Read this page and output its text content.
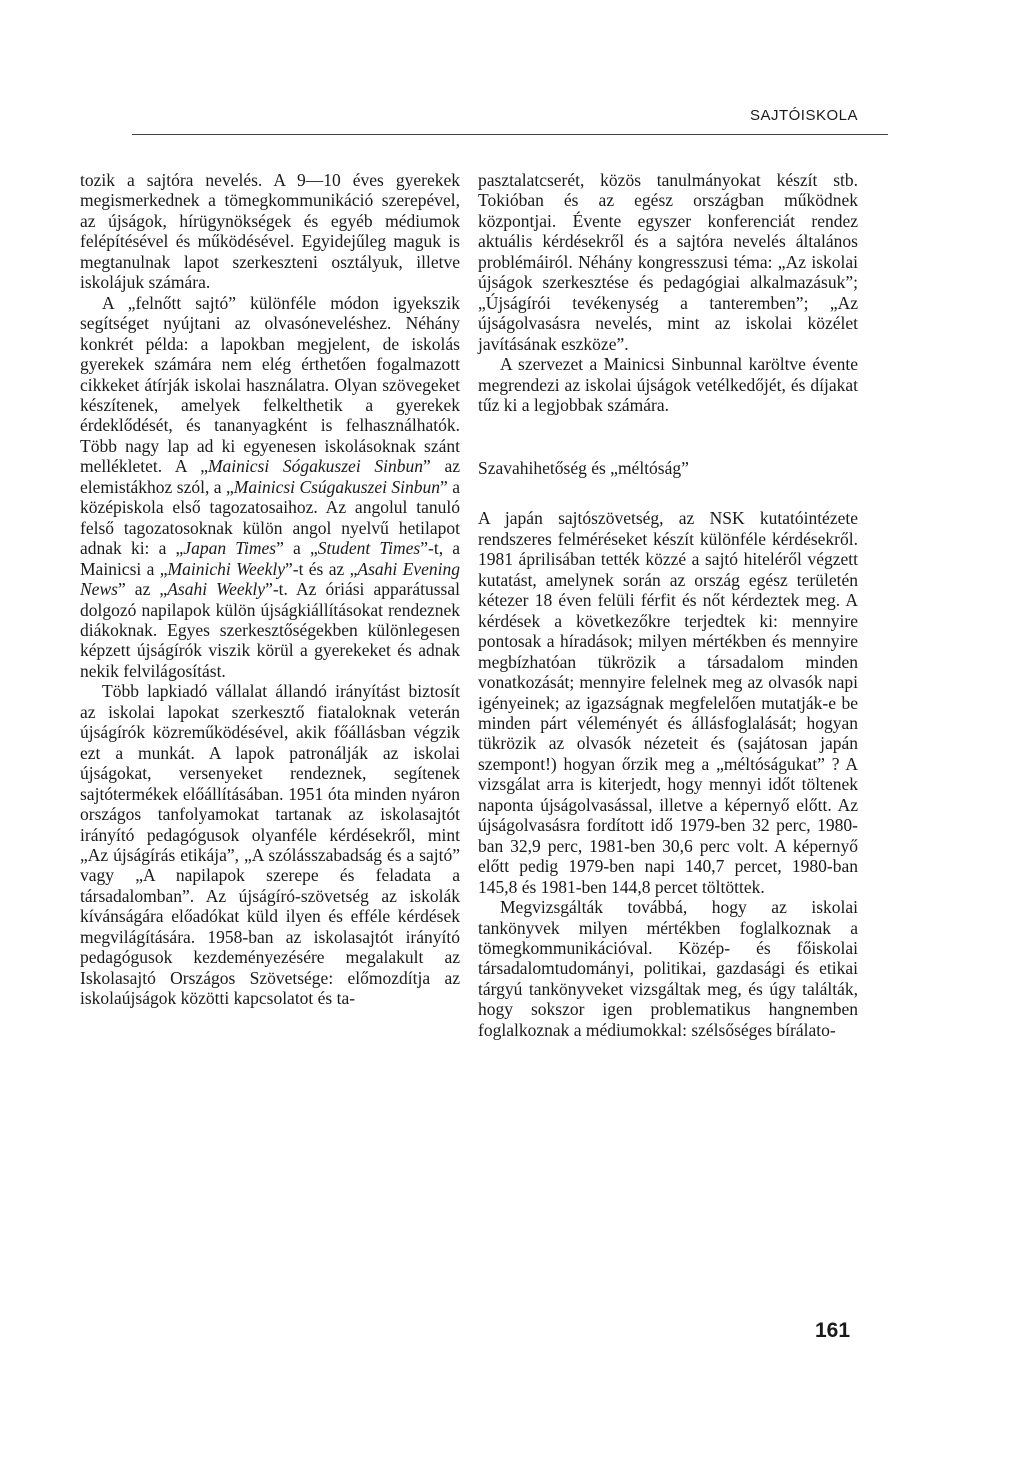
SAJTÓISKOLA

tozik a sajtóra nevelés. A 9—10 éves gyerekek megismerkednek a tömegkommunikáció szerepével, az újságok, hírügynökségek és egyéb médiumok felépítésével és működésével. Egyidejűleg maguk is megtanulnak lapot szerkeszteni osztályuk, illetve iskolájuk számára.

A „felnőtt sajtó” különféle módon igyekszik segítséget nyújtani az olvasóneveléshez. Néhány konkrét példa: a lapokban megjelent, de iskolás gyerekek számára nem elég érthetően fogalmazott cikkeket átírják iskolai használatra. Olyan szövegeket készítenek, amelyek felkelthetik a gyerekek érdeklődését, és tananyagként is felhasználhatók. Több nagy lap ad ki egyenesen iskolásoknak szánt mellékletet. A „Mainicsi Sógakuszei Sinbun” az elemistákhoz szól, a „Mainicsi Csúgakuszei Sinbun” a középiskola első tagozatosaihoz. Az angolul tanuló felső tagozatosoknak külön angol nyelvű hetilapot adnak ki: a „Japan Times” a „Student Times”-t, a Mainicsi a „Mainichi Weekly”-t és az „Asahi Evening News” az „Asahi Weekly”-t. Az óriási apparátussal dolgozó napilapok külön újságkiállításokat rendeznek diákoknak. Egyes szerkesztőségekben különlegesen képzett újságírók viszik körül a gyerekeket és adnak nekik felvilágosítást.

Több lapkiadó vállalat állandó irányítást biztosít az iskolai lapokat szerkesztő fiataloknak veterán újságírók közreműködésével, akik főállásban végzik ezt a munkát. A lapok patronálják az iskolai újságokat, versenyeket rendeznek, segítenek sajtótermékek előállításában. 1951 óta minden nyáron országos tanfolyamokat tartanak az iskolasajtót irányító pedagógusok olyanféle kérdésekről, mint „Az újságírás etikája”, „A szólásszabadság és a sajtó” vagy „A napilapok szerepe és feladata a társadalomban”. Az újságíró-szövetség az iskolák kívánságára előadókat küld ilyen és efféle kérdések megvilágítására. 1958-ban az iskolasajtót irányító pedagógusok kezdeményezésére megalakult az Iskolasajtó Országos Szövetsége: előmozdítja az iskolaújságok közötti kapcsolatot és ta-

pasztalatcserét, közös tanulmányokat készít stb. Tokióban és az egész országban működnek központjai. Évente egyszer konferenciát rendez aktuális kérdésekről és a sajtóra nevelés általános problémáiról. Néhány kongresszusi téma: „Az iskolai újságok szerkesztése és pedagógiai alkalmazásuk”; „Újságírói tevékenység a tanteremben”; „Az újságolvasásra nevelés, mint az iskolai közélet javításának eszköze”.

A szervezet a Mainicsi Sinbunnal karöltve évente megrendezi az iskolai újságok vetélkedőjét, és díjakat tűz ki a legjobbak számára.

Szavahihetőség és „méltóság”

A japán sajtószövetség, az NSK kutatóintézete rendszeres felméréseket készít különféle kérdésekről. 1981 áprilisában tették közzé a sajtó hiteléről végzett kutatást, amelynek során az ország egész területén kétezer 18 éven felüli férfit és nőt kérdeztek meg. A kérdések a következőkre terjedtek ki: mennyire pontosak a híradások; milyen mértékben és mennyire megbízhatóan tükrözik a társadalom minden vonatkozását; mennyire felelnek meg az olvasók napi igényeinek; az igazságnak megfelelően mutatják-e be minden párt véleményét és állásfoglalását; hogyan tükrözik az olvasók nézeteit és (sajátosan japán szempont!) hogyan őrzik meg a „méltóságukat” ? A vizsgálat arra is kiterjedt, hogy mennyi időt töltenek naponta újságolvasással, illetve a képernyő előtt. Az újságolvasásra fordított idő 1979-ben 32 perc, 1980-ban 32,9 perc, 1981-ben 30,6 perc volt. A képernyő előtt pedig 1979-ben napi 140,7 percet, 1980-ban 145,8 és 1981-ben 144,8 percet töltöttek.

Megvizsgálták továbbá, hogy az iskolai tankönyvek milyen mértékben foglalkoznak a tömegkommunikációval. Közép- és főiskolai társadalomtudományi, politikai, gazdasági és etikai tárgyú tankönyveket vizsgáltak meg, és úgy találták, hogy sokszor igen problematikus hangnemben foglalkoznak a médiumokkal: szélsőséges bírálato-

161
